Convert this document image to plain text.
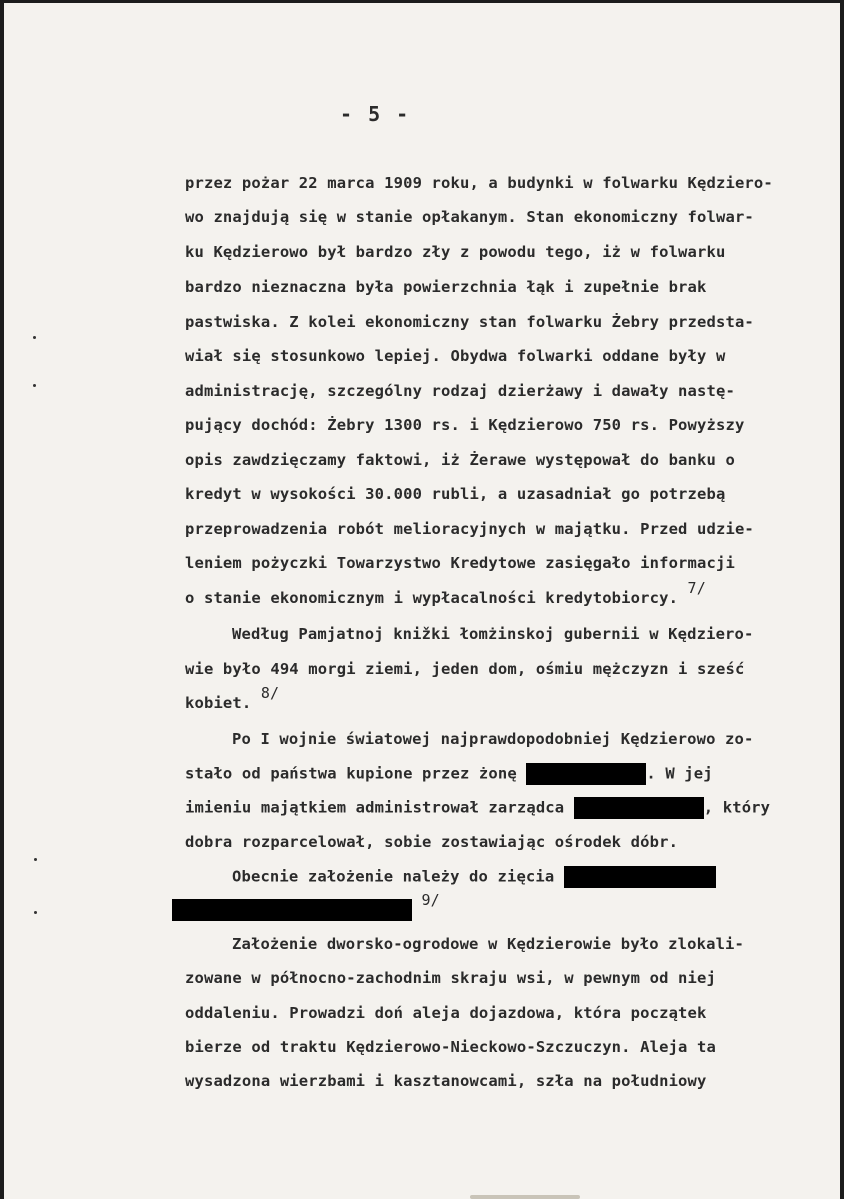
- 5 -
przez pożar 22 marca 1909 roku, a budynki w folwarku Kędziero-
wo znajdują się w stanie opłakanym. Stan ekonomiczny folwar-
ku Kędzierowo był bardzo zły z powodu tego, iż w folwarku
bardzo nieznaczna była powierzchnia łąk i zupełnie brak
pastwiska. Z kolei ekonomiczny stan folwarku Żebry przedsta-
wiał się stosunkowo lepiej. Obydwa folwarki oddane były w
administrację, szczególny rodzaj dzierżawy i dawały nastę-
pujący dochód: Żebry 1300 rs. i Kędzierowo 750 rs. Powyższy
opis zawdzięczamy faktowi, iż Żerawe występował do banku o
kredyt w wysokości 30.000 rubli, a uzasadniał go potrzebą
przeprowadzenia robót melioracyjnych w majątku. Przed udzie-
leniem pożyczki Towarzystwo Kredytowe zasięgało informacji
o stanie ekonomicznym i wypłacalności kredytobiorcy. 7/
Według Pamjatnoj knižki łomżinskoj gubernii w Kędziero-
wie było 494 morgi ziemi, jeden dom, ośmiu mężczyzn i sześć
kobiet. 8/
Po I wojnie światowej najprawdopodobniej Kędzierowo zo-
stało od państwa kupione przez żonę	. W jej
imieniu majątkiem administrował zarządca	, który
dobra rozparcelował, sobie zostawiając ośrodek dóbr.
Obecnie założenie należy do zięcia
9/
Założenie dworsko-ogrodowe w Kędzierowie było zlokali-
zowane w północno-zachodnim skraju wsi, w pewnym od niej
oddaleniu. Prowadzi doń aleja dojazdowa, która początek
bierze od traktu Kędzierowo-Nieckowo-Szczuczyn. Aleja ta
wysadzona wierzbami i kasztanowcami, szła na południowy
